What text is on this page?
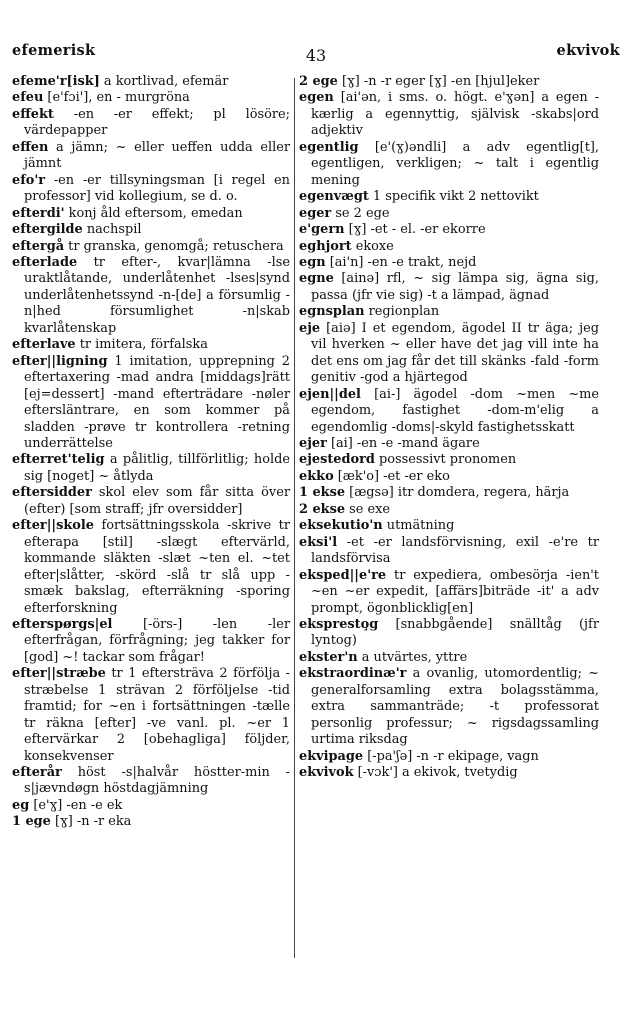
efemerisk	43	ekvivok
efeme'r[isk] a kortlivad, efemär
efeu [e'fɔi'], en - murgröna
effekt -en -er effekt; pl lösöre; värdepapper
effen a jämn; ~ eller ueffen udda eller jämnt
efo'r -en -er tillsyningsman [i regel en professor] vid kollegium, se d. o.
efterdi' konj åld eftersom, emedan
eftergilde nachspil
eftergå tr granska, genomgå; retuschera
efterlade tr efter-, kvar|lämna -lse uraktlåtande, underlåtenhet -lses|synd underlåtenhetssynd -n-[de] a försumlig -n|hed försumlighet -n|skab kvarlåtenskap
efterlave tr imitera, förfalska
efter||ligning 1 imitation, upprepning 2 eftertaxering -mad andra [middags]rätt [ej=dessert] -mand efterträdare -nøler eftersläntrare, en som kommer på sladden -prøve tr kontrollera -retning underrättelse
efterret'telig a pålitlig, tillförlitlig; holde sig [noget] ~ åtlyda
eftersidder skol elev som får sitta över (efter) [som straff; jfr oversidder]
efter||skole fortsättningsskola -skrive tr efterapa [stil] -slægt eftervärld, kommande släkten -slæt ~ten el. ~tet efter|slåtter, -skörd -slå tr slå upp -smæk bakslag, efterräkning -sporing efterforskning
efterspørgs|el [-örs-] -len -ler efterfrågan, förfrågning; jeg takker for [god] ~! tackar som frågar!
efter||stræbe tr 1 eftersträva 2 förfölja -stræbelse 1 strävan 2 förföljelse -tid framtid; for ~en i fortsättningen -tælle tr räkna [efter] -ve vanl. pl. ~er 1 eftervärkar 2 [obehagliga] följder, konsekvenser
efterår höst -s|halvår höstter-min -s|jævndøgn höstdagjämning
eg [e'ɣ] -en -e ek
1 ege [ɣ] -n -r eka
2 ege [ɣ] -n -r eger [ɣ] -en [hjul]eker
egen [ai'ən, i sms. o. högt. e'ɣən] a egen -kærlig a egennyttig, självisk -skabs|ord adjektiv
egentlig [e'(ɣ)əndli] a adv egentlig[t], egentligen, verkligen; ~ talt i egentlig mening
egenvægt 1 specifik vikt 2 nettovikt
eger se 2 ege
e'gern [ɣ] -et - el. -er ekorre
eghjort ekoxe
egn [ai'n] -en -e trakt, nejd
egne [ainə] rfl, ~ sig lämpa sig, ägna sig, passa (jfr vie sig) -t a lämpad, ägnad
egnsplan regionplan
eje [aiə] I et egendom, ägodel II tr äga; jeg vil hverken ~ eller have det jag vill inte ha det ens om jag får det till skänks -fald -form genitiv -god a hjärtegod
ejen||del [ai-] ägodel -dom ~men ~me egendom, fastighet -dom-m'elig a egendomlig -doms|-skyld fastighetsskatt
ejer [ai] -en -e -mand ägare
ejestedord possessivt pronomen
ekko [æk'o] -et -er eko
1 ekse [ægsə] itr domdera, regera, härja
2 ekse se exe
eksekutio'n utmätning
eksi'l -et -er landsförvisning, exil -e're tr landsförvisa
eksped||e're tr expediera, ombesörja -ien't ~en ~er expedit, [affärs]biträde -it' a adv prompt, ögonblicklig[en]
ekspresto̧g [snabbgående] snälltåg (jfr lyntog)
ekster'n a utvärtes, yttre
ekstraordinæ'r a ovanlig, utomordentlig; ~ generalforsamling extra bolagsstämma, extra sammanträde; -t professorat personlig professur; ~ rigsdagssamling urtima riksdag
ekvipage [-pa'ʃə] -n -r ekipage, vagn
ekvivok [-vɔk'] a ekivok, tvetydig
